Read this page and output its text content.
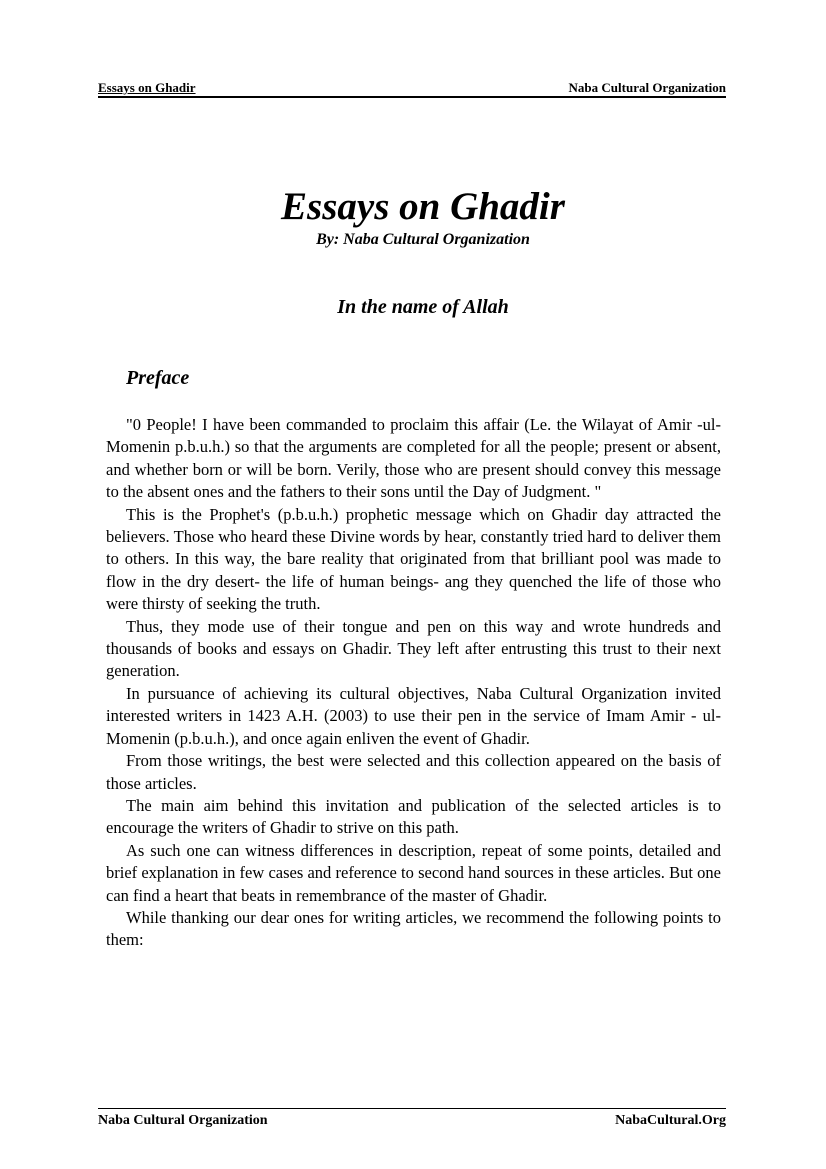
Essays on Ghadir	Naba Cultural Organization
Essays on Ghadir
By: Naba Cultural Organization
In the name of Allah
Preface

"0 People! I have been commanded to proclaim this affair (Le. the Wilayat of Amir -ul- Momenin p.b.u.h.) so that the arguments are completed for all the people; present or absent, and whether born or will be born. Verily, those who are present should convey this message to the absent ones and the fathers to their sons until the Day of Judgment. "

This is the Prophet's (p.b.u.h.) prophetic message which on Ghadir day attracted the believers. Those who heard these Divine words by hear, constantly tried hard to deliver them to others. In this way, the bare reality that originated from that brilliant pool was made to flow in the dry desert- the life of human beings- ang they quenched the life of those who were thirsty of seeking the truth.

Thus, they mode use of their tongue and pen on this way and wrote hundreds and thousands of books and essays on Ghadir. They left after entrusting this trust to their next generation.

In pursuance of achieving its cultural objectives, Naba Cultural Organization invited interested writers in 1423 A.H. (2003) to use their pen in the service of Imam Amir - ul- Momenin (p.b.u.h.), and once again enliven the event of Ghadir.

From those writings, the best were selected and this collection appeared on the basis of those articles.

The main aim behind this invitation and publication of the selected articles is to encourage the writers of Ghadir to strive on this path.

As such one can witness differences in description, repeat of some points, detailed and brief explanation in few cases and reference to second hand sources in these articles. But one can find a heart that beats in remembrance of the master of Ghadir.

While thanking our dear ones for writing articles, we recommend the following points to them:

Naba Cultural Organization	NabaCultural.Org
